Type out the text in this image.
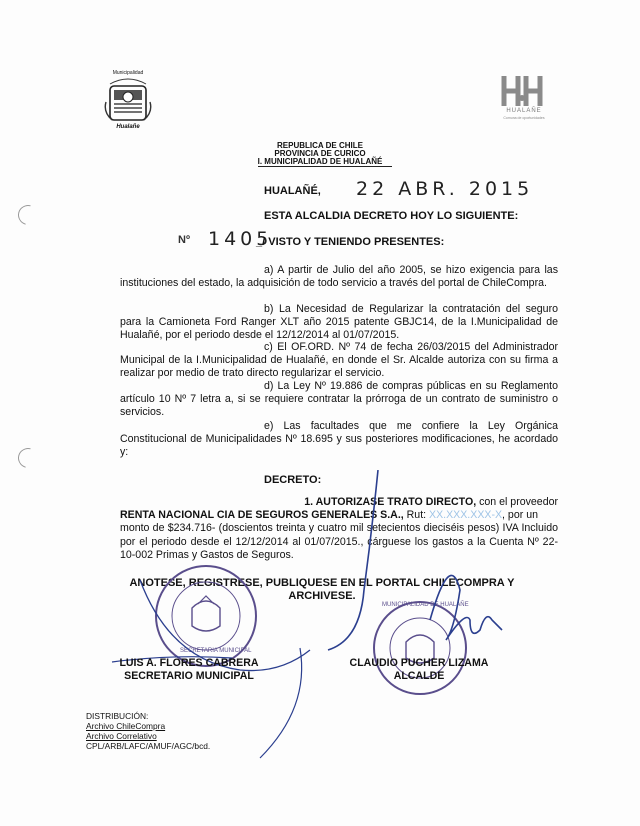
Municipalidad
Hualañe
HUALAÑE
Comuna de oportunidades
REPUBLICA DE CHILE
PROVINCIA DE CURICO
I. MUNICIPALIDAD DE HUALAÑÉ
HUALAÑÉ, 22 ABR. 2015
ESTA ALCALDIA DECRETO HOY LO SIGUIENTE:
Nº 1405
_/ VISTO Y TENIENDO PRESENTES:
a) A partir de Julio del año 2005, se hizo exigencia para las instituciones del estado, la adquisición de todo servicio a través del portal de ChileCompra.
b) La Necesidad de Regularizar la contratación del seguro para la Camioneta Ford Ranger XLT año 2015 patente GBJC14, de la I.Municipalidad de Hualañé, por el periodo desde el 12/12/2014 al 01/07/2015.
c) El OF.ORD. Nº 74 de fecha 26/03/2015 del Administrador Municipal de la I.Municipalidad de Hualañé, en donde el Sr. Alcalde autoriza con su firma a realizar por medio de trato directo regularizar el servicio.
d) La Ley Nº 19.886 de compras públicas en su Reglamento artículo 10 Nº 7 letra a, si se requiere contratar la prórroga de un contrato de suministro o servicios.
e) Las facultades que me confiere la Ley Orgánica Constitucional de Municipalidades Nº 18.695 y sus posteriores modificaciones, he acordado y:
DECRETO:
1. AUTORIZASE TRATO DIRECTO, con el proveedor
RENTA NACIONAL CIA DE SEGUROS GENERALES S.A., Rut: XX.XXX.XXX-X, por un
monto de $234.716- (doscientos treinta y cuatro mil setecientos dieciséis pesos) IVA Incluido por el periodo desde el 12/12/2014 al 01/07/2015., cárguese los gastos a la Cuenta Nº 22-10-002 Primas y Gastos de Seguros.
ANOTESE, REGISTRESE, PUBLIQUESE EN EL PORTAL CHILECOMPRA Y ARCHIVESE.
SECRETARIA MUNICIPAL
MUNICIPALIDAD DE HUALAÑE
LUIS A. FLORES CABRERA
SECRETARIO MUNICIPAL
CLAUDIO PUCHER LIZAMA
ALCALDE
DISTRIBUCIÓN:
Archivo ChileCompra
Archivo Correlativo
CPL/ARB/LAFC/AMUF/AGC/bcd.
